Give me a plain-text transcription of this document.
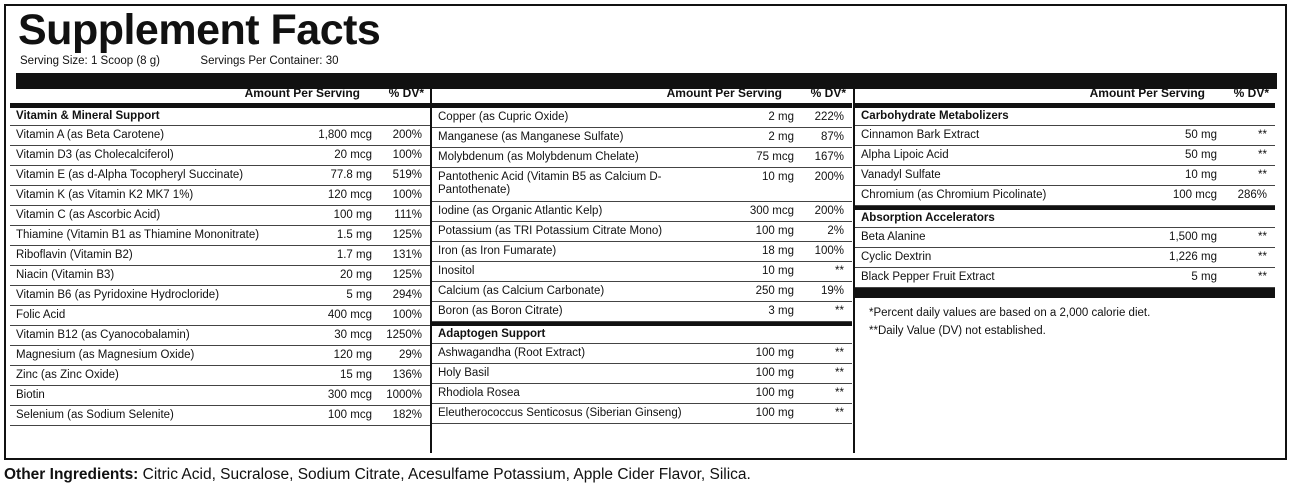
Supplement Facts
Serving Size: 1 Scoop (8 g)	Servings Per Container: 30
Amount Per Serving	% DV*
Vitamin & Mineral Support
Vitamin A (as Beta Carotene)	1,800 mcg	200%
Vitamin D3 (as Cholecalciferol)	20 mcg	100%
Vitamin E (as d-Alpha Tocopheryl Succinate)	77.8 mg	519%
Vitamin K (as Vitamin K2 MK7 1%)	120 mcg	100%
Vitamin C (as Ascorbic Acid)	100 mg	111%
Thiamine (Vitamin B1 as Thiamine Mononitrate)	1.5 mg	125%
Riboflavin (Vitamin B2)	1.7 mg	131%
Niacin (Vitamin B3)	20 mg	125%
Vitamin B6 (as Pyridoxine Hydrocloride)	5 mg	294%
Folic Acid	400 mcg	100%
Vitamin B12 (as Cyanocobalamin)	30 mcg	1250%
Magnesium (as Magnesium Oxide)	120 mg	29%
Zinc (as Zinc Oxide)	15 mg	136%
Biotin	300 mcg	1000%
Selenium (as Sodium Selenite)	100 mcg	182%
Amount Per Serving	% DV*
Copper (as Cupric Oxide)	2 mg	222%
Manganese (as Manganese Sulfate)	2 mg	87%
Molybdenum (as Molybdenum Chelate)	75 mcg	167%
Pantothenic Acid (Vitamin B5 as Calcium D-Pantothenate)
10 mg	200%
Iodine (as Organic Atlantic Kelp)	300 mcg	200%
Potassium (as TRI Potassium Citrate Mono)	100 mg	2%
Iron (as Iron Fumarate)	18 mg	100%
Inositol	10 mg	**
Calcium (as Calcium Carbonate)	250 mg	19%
Boron (as Boron Citrate)	3 mg	**
Adaptogen Support
Ashwagandha (Root Extract)	100 mg	**
Holy Basil	100 mg	**
Rhodiola Rosea	100 mg	**
Eleutherococcus Senticosus (Siberian Ginseng)	100 mg	**
Amount Per Serving	% DV*
Carbohydrate Metabolizers
Cinnamon Bark Extract	50 mg	**
Alpha Lipoic Acid	50 mg	**
Vanadyl Sulfate	10 mg	**
Chromium (as Chromium Picolinate)	100 mcg	286%
Absorption Accelerators
Beta Alanine	1,500 mg	**
Cyclic Dextrin	1,226 mg	**
Black Pepper Fruit Extract	5 mg	**
*Percent daily values are based on a 2,000 calorie diet.
**Daily Value (DV) not established.
Other Ingredients: Citric Acid, Sucralose, Sodium Citrate, Acesulfame Potassium, Apple Cider Flavor, Silica.
